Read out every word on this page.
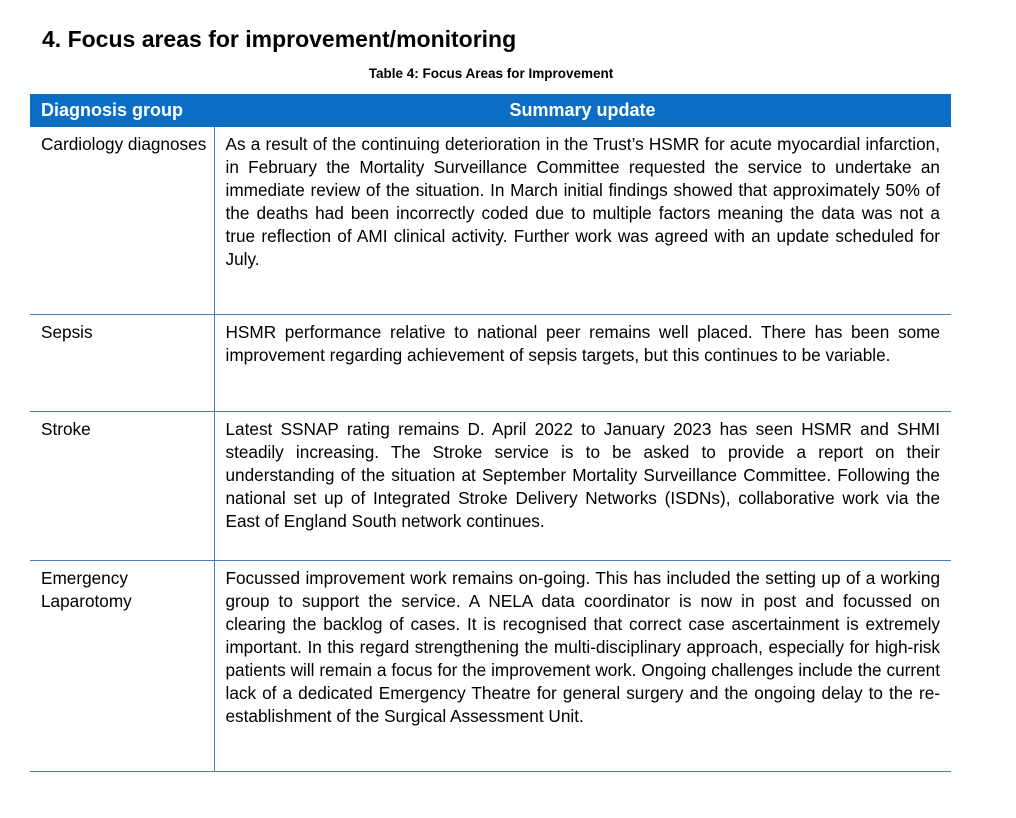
4. Focus areas for improvement/monitoring
Table 4: Focus Areas for Improvement
Diagnosis group	Summary update
Cardiology diagnoses	As a result of the continuing deterioration in the Trust’s HSMR for acute myocardial infarction, in February the Mortality Surveillance Committee requested the service to undertake an immediate review of the situation. In March initial findings showed that approximately 50% of the deaths had been incorrectly coded due to multiple factors meaning the data was not a true reflection of AMI clinical activity. Further work was agreed with an update scheduled for July.
Sepsis	HSMR performance relative to national peer remains well placed. There has been some improvement regarding achievement of sepsis targets, but this continues to be variable.
Stroke	Latest SSNAP rating remains D. April 2022 to January 2023 has seen HSMR and SHMI steadily increasing. The Stroke service is to be asked to provide a report on their understanding of the situation at September Mortality Surveillance Committee. Following the national set up of Integrated Stroke Delivery Networks (ISDNs), collaborative work via the East of England South network continues.
Emergency Laparotomy	Focussed improvement work remains on-going. This has included the setting up of a working group to support the service. A NELA data coordinator is now in post and focussed on clearing the backlog of cases. It is recognised that correct case ascertainment is extremely important. In this regard strengthening the multi-disciplinary approach, especially for high-risk patients will remain a focus for the improvement work. Ongoing challenges include the current lack of a dedicated Emergency Theatre for general surgery and the ongoing delay to the re-establishment of the Surgical Assessment Unit.
